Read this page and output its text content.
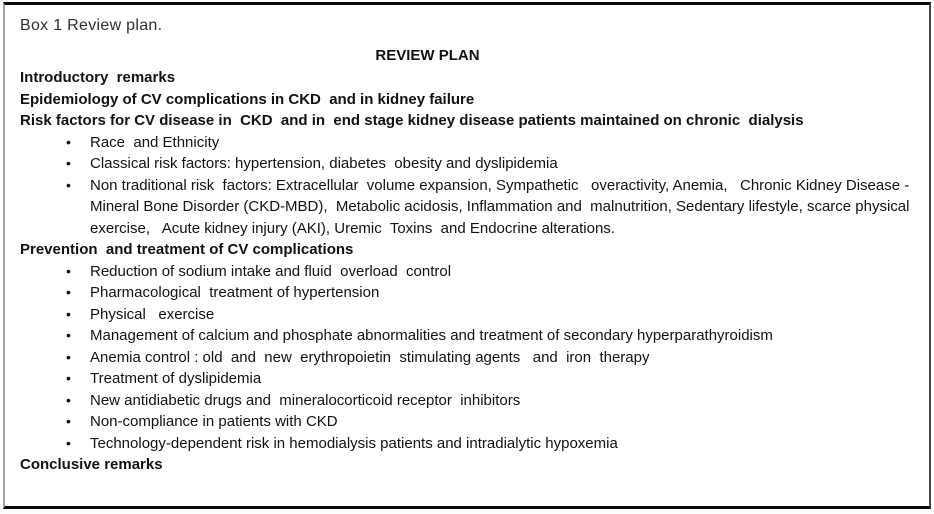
Box 1 Review plan.
REVIEW PLAN
Introductory  remarks
Epidemiology of CV complications in CKD  and in kidney failure
Risk factors for CV disease in  CKD  and in  end stage kidney disease patients maintained on chronic  dialysis
•	Race  and Ethnicity
•	Classical risk factors: hypertension, diabetes  obesity and dyslipidemia
•	Non traditional risk  factors: Extracellular  volume expansion, Sympathetic   overactivity, Anemia,   Chronic Kidney Disease - Mineral Bone Disorder (CKD-MBD),  Metabolic acidosis, Inflammation and  malnutrition, Sedentary lifestyle, scarce physical exercise,   Acute kidney injury (AKI), Uremic  Toxins  and Endocrine alterations.
Prevention  and treatment of CV complications
•	Reduction of sodium intake and fluid  overload  control
•	Pharmacological  treatment of hypertension
•	Physical   exercise
•	Management of calcium and phosphate abnormalities and treatment of secondary hyperparathyroidism
•	Anemia control : old  and  new  erythropoietin  stimulating agents   and  iron  therapy
•	Treatment of dyslipidemia
•	New antidiabetic drugs and  mineralocorticoid receptor  inhibitors
•	Non-compliance in patients with CKD
•	Technology-dependent risk in hemodialysis patients and intradialytic hypoxemia
Conclusive remarks
